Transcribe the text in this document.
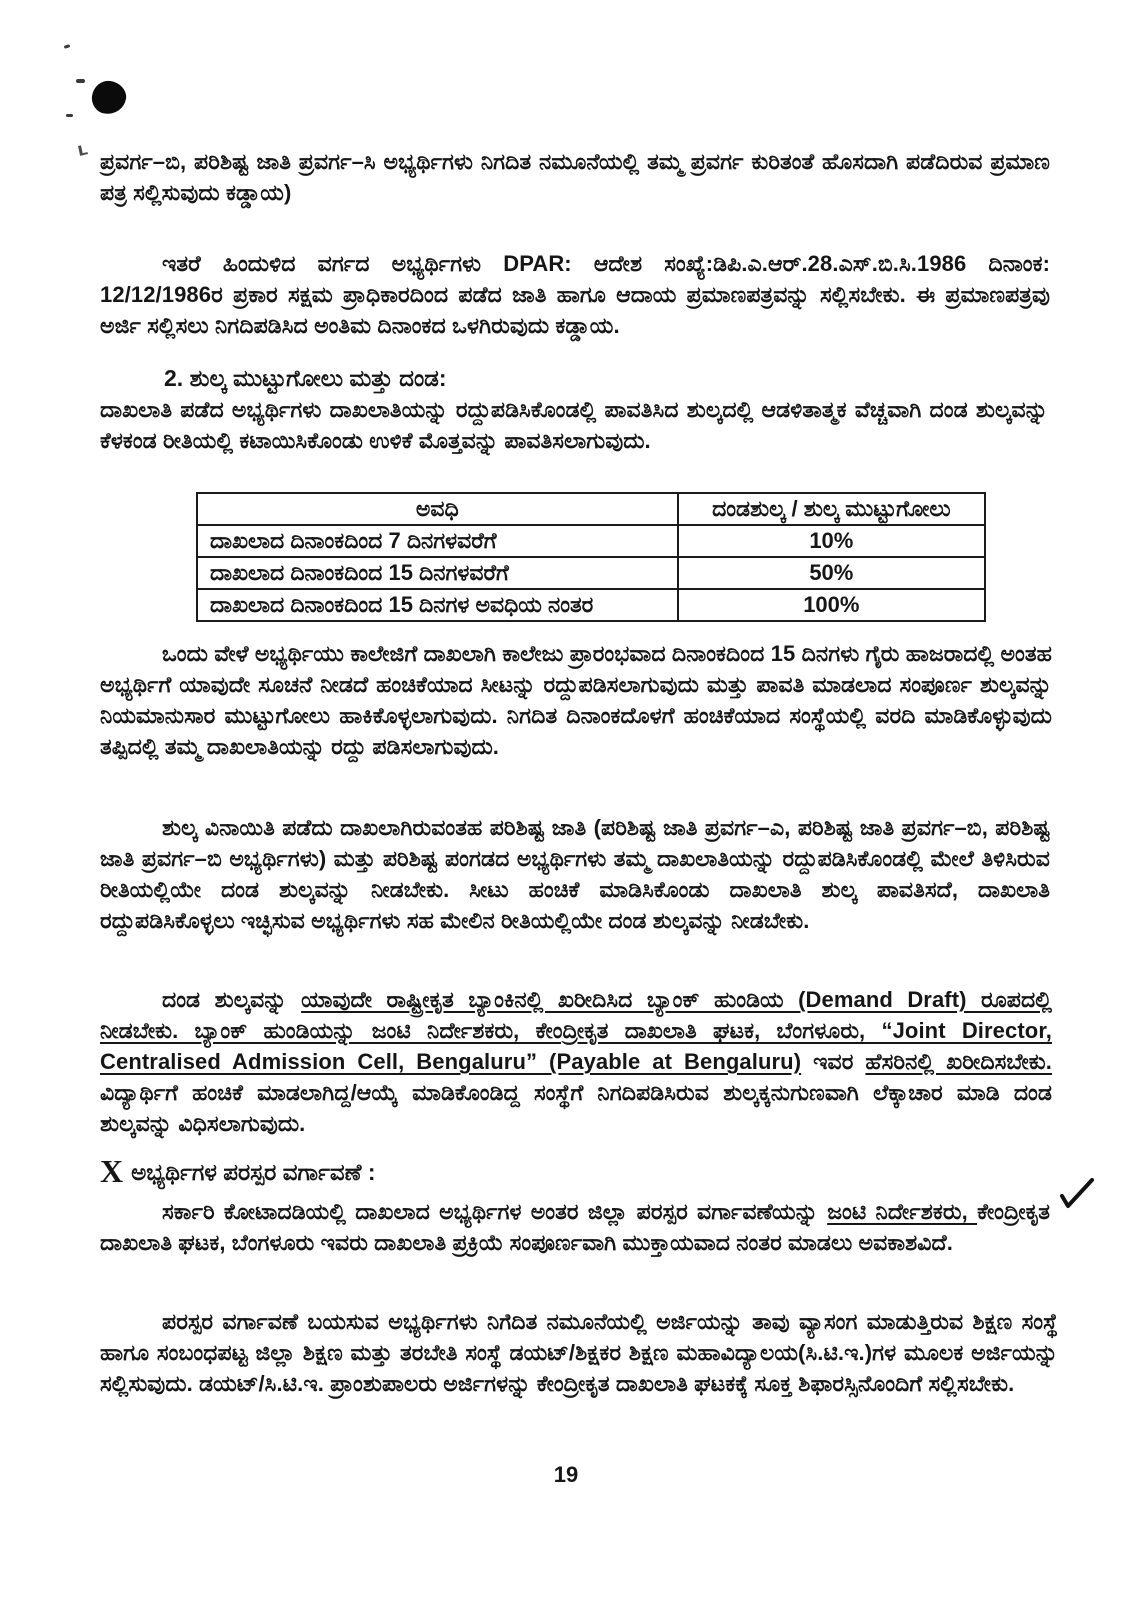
ಪ್ರವರ್ಗ–ಬಿ, ಪರಿಶಿಷ್ಟ ಜಾತಿ ಪ್ರವರ್ಗ–ಸಿ ಅಭ್ಯರ್ಥಿಗಳು ನಿಗದಿತ ನಮೂನೆಯಲ್ಲಿ ತಮ್ಮ ಪ್ರವರ್ಗ ಕುರಿತಂತೆ ಹೊಸದಾಗಿ ಪಡೆದಿರುವ ಪ್ರಮಾಣ ಪತ್ರ ಸಲ್ಲಿಸುವುದು ಕಡ್ಡಾಯ)
ಇತರೆ ಹಿಂದುಳಿದ ವರ್ಗದ ಅಭ್ಯರ್ಥಿಗಳು DPAR: ಆದೇಶ ಸಂಖ್ಯೆ:ಡಿಪಿ.ಎ.ಆರ್.28.ಎಸ್.ಬಿ.ಸಿ.1986 ದಿನಾಂಕ: 12/12/1986ರ ಪ್ರಕಾರ ಸಕ್ಷಮ ಪ್ರಾಧಿಕಾರದಿಂದ ಪಡೆದ ಜಾತಿ ಹಾಗೂ ಆದಾಯ ಪ್ರಮಾಣಪತ್ರವನ್ನು ಸಲ್ಲಿಸಬೇಕು. ಈ ಪ್ರಮಾಣಪತ್ರವು ಅರ್ಜಿ ಸಲ್ಲಿಸಲು ನಿಗದಿಪಡಿಸಿದ ಅಂತಿಮ ದಿನಾಂಕದ ಒಳಗಿರುವುದು ಕಡ್ಡಾಯ.
2. ಶುಲ್ಕ ಮುಟ್ಟುಗೋಲು ಮತ್ತು ದಂಡ:
ದಾಖಲಾತಿ ಪಡೆದ ಅಭ್ಯರ್ಥಿಗಳು ದಾಖಲಾತಿಯನ್ನು ರದ್ದುಪಡಿಸಿಕೊಂಡಲ್ಲಿ ಪಾವತಿಸಿದ ಶುಲ್ಕದಲ್ಲಿ ಆಡಳಿತಾತ್ಮಕ ವೆಚ್ಚವಾಗಿ ದಂಡ ಶುಲ್ಕವನ್ನು ಕೆಳಕಂಡ ರೀತಿಯಲ್ಲಿ ಕಟಾಯಿಸಿಕೊಂಡು ಉಳಿಕೆ ಮೊತ್ತವನ್ನು ಪಾವತಿಸಲಾಗುವುದು.
ಅವಧಿ	ದಂಡಶುಲ್ಕ / ಶುಲ್ಕ ಮುಟ್ಟುಗೋಲು
ದಾಖಲಾದ ದಿನಾಂಕದಿಂದ 7 ದಿನಗಳವರೆಗೆ	10%
ದಾಖಲಾದ ದಿನಾಂಕದಿಂದ 15 ದಿನಗಳವರೆಗೆ	50%
ದಾಖಲಾದ ದಿನಾಂಕದಿಂದ 15 ದಿನಗಳ ಅವಧಿಯ ನಂತರ	100%
ಒಂದು ವೇಳೆ ಅಭ್ಯರ್ಥಿಯು ಕಾಲೇಜಿಗೆ ದಾಖಲಾಗಿ ಕಾಲೇಜು ಪ್ರಾರಂಭವಾದ ದಿನಾಂಕದಿಂದ 15 ದಿನಗಳು ಗೈರು ಹಾಜರಾದಲ್ಲಿ ಅಂತಹ ಅಭ್ಯರ್ಥಿಗೆ ಯಾವುದೇ ಸೂಚನೆ ನೀಡದೆ ಹಂಚಿಕೆಯಾದ ಸೀಟನ್ನು ರದ್ದುಪಡಿಸಲಾಗುವುದು ಮತ್ತು ಪಾವತಿ ಮಾಡಲಾದ ಸಂಪೂರ್ಣ ಶುಲ್ಕವನ್ನು ನಿಯಮಾನುಸಾರ ಮುಟ್ಟುಗೋಲು ಹಾಕಿಕೊಳ್ಳಲಾಗುವುದು. ನಿಗದಿತ ದಿನಾಂಕದೊಳಗೆ ಹಂಚಿಕೆಯಾದ ಸಂಸ್ಥೆಯಲ್ಲಿ ವರದಿ ಮಾಡಿಕೊಳ್ಳುವುದು ತಪ್ಪಿದಲ್ಲಿ ತಮ್ಮ ದಾಖಲಾತಿಯನ್ನು ರದ್ದು ಪಡಿಸಲಾಗುವುದು.
ಶುಲ್ಕ ವಿನಾಯಿತಿ ಪಡೆದು ದಾಖಲಾಗಿರುವಂತಹ ಪರಿಶಿಷ್ಟ ಜಾತಿ (ಪರಿಶಿಷ್ಟ ಜಾತಿ ಪ್ರವರ್ಗ–ಎ, ಪರಿಶಿಷ್ಟ ಜಾತಿ ಪ್ರವರ್ಗ–ಬಿ, ಪರಿಶಿಷ್ಟ ಜಾತಿ ಪ್ರವರ್ಗ–ಬಿ ಅಭ್ಯರ್ಥಿಗಳು) ಮತ್ತು ಪರಿಶಿಷ್ಟ ಪಂಗಡದ ಅಭ್ಯರ್ಥಿಗಳು ತಮ್ಮ ದಾಖಲಾತಿಯನ್ನು ರದ್ದುಪಡಿಸಿಕೊಂಡಲ್ಲಿ ಮೇಲೆ ತಿಳಿಸಿರುವ ರೀತಿಯಲ್ಲಿಯೇ ದಂಡ ಶುಲ್ಕವನ್ನು ನೀಡಬೇಕು. ಸೀಟು ಹಂಚಿಕೆ ಮಾಡಿಸಿಕೊಂಡು ದಾಖಲಾತಿ ಶುಲ್ಕ ಪಾವತಿಸದೆ, ದಾಖಲಾತಿ ರದ್ದುಪಡಿಸಿಕೊಳ್ಳಲು ಇಚ್ಛಿಸುವ ಅಭ್ಯರ್ಥಿಗಳು ಸಹ ಮೇಲಿನ ರೀತಿಯಲ್ಲಿಯೇ ದಂಡ ಶುಲ್ಕವನ್ನು ನೀಡಬೇಕು.
ದಂಡ ಶುಲ್ಕವನ್ನು ಯಾವುದೇ ರಾಷ್ಟ್ರೀಕೃತ ಬ್ಯಾಂಕಿನಲ್ಲಿ ಖರೀದಿಸಿದ ಬ್ಯಾಂಕ್ ಹುಂಡಿಯ (Demand Draft) ರೂಪದಲ್ಲಿ ನೀಡಬೇಕು. ಬ್ಯಾಂಕ್ ಹುಂಡಿಯನ್ನು ಜಂಟಿ ನಿರ್ದೇಶಕರು, ಕೇಂದ್ರೀಕೃತ ದಾಖಲಾತಿ ಘಟಕ, ಬೆಂಗಳೂರು, “Joint Director, Centralised Admission Cell, Bengaluru” (Payable at Bengaluru) ಇವರ ಹೆಸರಿನಲ್ಲಿ ಖರೀದಿಸಬೇಕು. ವಿದ್ಯಾರ್ಥಿಗೆ ಹಂಚಿಕೆ ಮಾಡಲಾಗಿದ್ದ/ಆಯ್ಕೆ ಮಾಡಿಕೊಂಡಿದ್ದ ಸಂಸ್ಥೆಗೆ ನಿಗದಿಪಡಿಸಿರುವ ಶುಲ್ಕಕ್ಕನುಗುಣವಾಗಿ ಲೆಕ್ಕಾಚಾರ ಮಾಡಿ ದಂಡ ಶುಲ್ಕವನ್ನು ವಿಧಿಸಲಾಗುವುದು.
X ಅಭ್ಯರ್ಥಿಗಳ ಪರಸ್ಪರ ವರ್ಗಾವಣೆ :
ಸರ್ಕಾರಿ ಕೋಟಾದಡಿಯಲ್ಲಿ ದಾಖಲಾದ ಅಭ್ಯರ್ಥಿಗಳ ಅಂತರ ಜಿಲ್ಲಾ ಪರಸ್ಪರ ವರ್ಗಾವಣೆಯನ್ನು ಜಂಟಿ ನಿರ್ದೇಶಕರು, ಕೇಂದ್ರೀಕೃತ ದಾಖಲಾತಿ ಘಟಕ, ಬೆಂಗಳೂರು ಇವರು ದಾಖಲಾತಿ ಪ್ರಕ್ರಿಯೆ ಸಂಪೂರ್ಣವಾಗಿ ಮುಕ್ತಾಯವಾದ ನಂತರ ಮಾಡಲು ಅವಕಾಶವಿದೆ.
ಪರಸ್ಪರ ವರ್ಗಾವಣೆ ಬಯಸುವ ಅಭ್ಯರ್ಥಿಗಳು ನಿಗದಿತ ನಮೂನೆಯಲ್ಲಿ ಅರ್ಜಿಯನ್ನು ತಾವು ವ್ಯಾಸಂಗ ಮಾಡುತ್ತಿರುವ ಶಿಕ್ಷಣ ಸಂಸ್ಥೆ ಹಾಗೂ ಸಂಬಂಧಪಟ್ಟ ಜಿಲ್ಲಾ ಶಿಕ್ಷಣ ಮತ್ತು ತರಬೇತಿ ಸಂಸ್ಥೆ ಡಯಟ್/ಶಿಕ್ಷಕರ ಶಿಕ್ಷಣ ಮಹಾವಿದ್ಯಾಲಯ(ಸಿ.ಟಿ.ಇ.)ಗಳ ಮೂಲಕ ಅರ್ಜಿಯನ್ನು ಸಲ್ಲಿಸುವುದು. ಡಯಟ್/ಸಿ.ಟಿ.ಇ. ಪ್ರಾಂಶುಪಾಲರು ಅರ್ಜಿಗಳನ್ನು ಕೇಂದ್ರೀಕೃತ ದಾಖಲಾತಿ ಘಟಕಕ್ಕೆ ಸೂಕ್ತ ಶಿಫಾರಸ್ಸಿನೊಂದಿಗೆ ಸಲ್ಲಿಸಬೇಕು.
19
